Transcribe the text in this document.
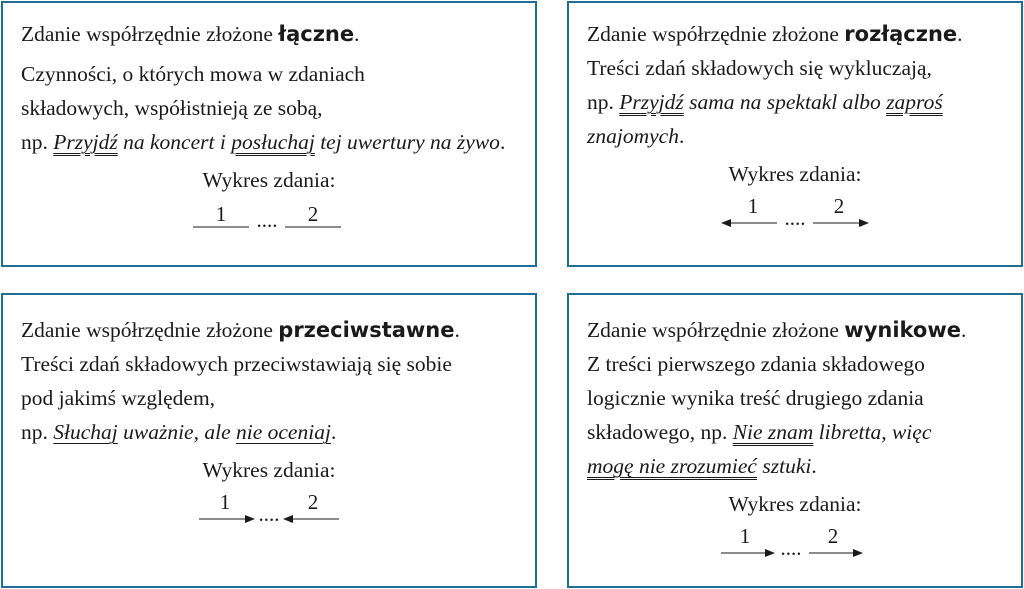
Zdanie współrzędnie złożone łączne.
Czynności, o których mowa w zdaniach
składowych, współistnieją ze sobą,
np. Przyjdź na koncert i posłuchaj tej uwertury na żywo.
Wykres zdania:
1 .... 2
Zdanie współrzędnie złożone rozłączne.
Treści zdań składowych się wykluczają,
np. Przyjdź sama na spektakl albo zaproś
znajomych.
Wykres zdania:
1 .... 2
Zdanie współrzędnie złożone przeciwstawne.
Treści zdań składowych przeciwstawiają się sobie
pod jakimś względem,
np. Słuchaj uważnie, ale nie oceniaj.
Wykres zdania:
1 .... 2
Zdanie współrzędnie złożone wynikowe.
Z treści pierwszego zdania składowego
logicznie wynika treść drugiego zdania
składowego, np. Nie znam libretta, więc
mogę nie zrozumieć sztuki.
Wykres zdania:
1 .... 2
